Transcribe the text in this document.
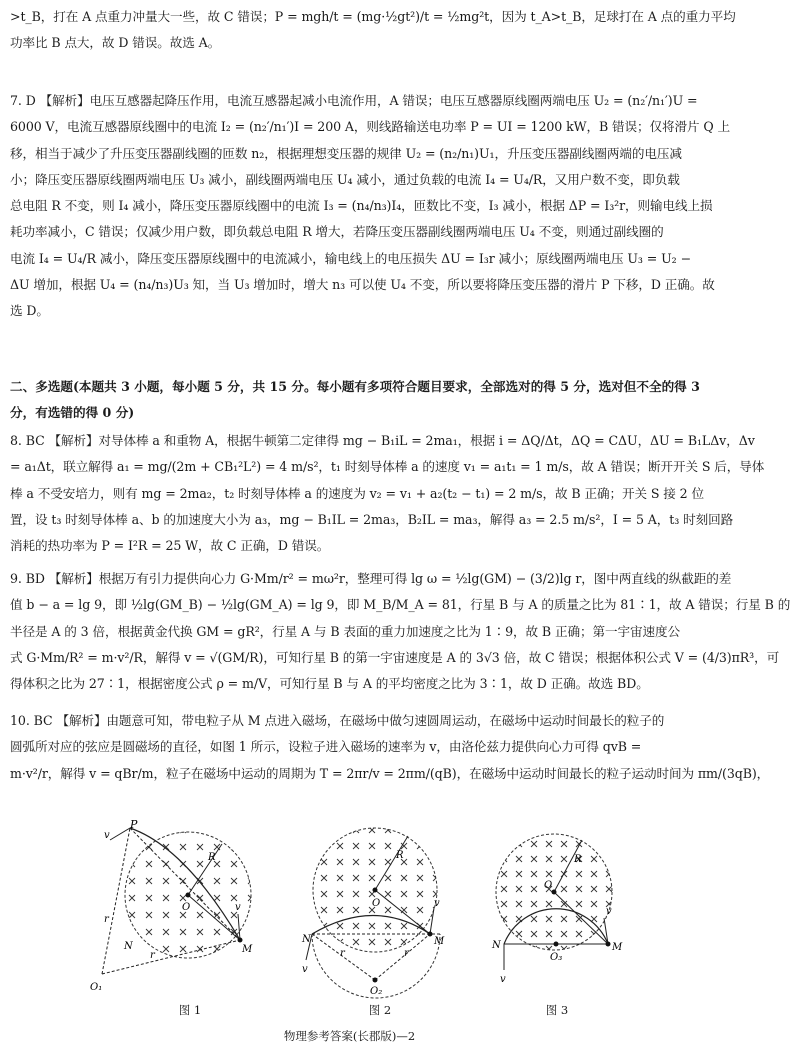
>t_B，打在 A 点重力冲量大一些，故 C 错误；P = mgh/t = (mg·½gt²)/t = ½mg²t，因为 t_A>t_B，足球打在 A 点的重力平均
功率比 B 点大，故 D 错误。故选 A。
7. D 【解析】电压互感器起降压作用，电流互感器起减小电流作用，A 错误；电压互感器原线圈两端电压 U₂ = (n₂′/n₁′)U =
6000 V，电流互感器原线圈中的电流 I₂ = (n₂′/n₁′)I = 200 A，则线路输送电功率 P = UI = 1200 kW，B 错误；仅将滑片 Q 上
移，相当于减少了升压变压器副线圈的匝数 n₂，根据理想变压器的规律 U₂ = (n₂/n₁)U₁，升压变压器副线圈两端的电压减
小；降压变压器原线圈两端电压 U₃ 减小，副线圈两端电压 U₄ 减小，通过负载的电流 I₄ = U₄/R，又用户数不变，即负载
总电阻 R 不变，则 I₄ 减小，降压变压器原线圈中的电流 I₃ = (n₄/n₃)I₄，匝数比不变，I₃ 减小，根据 ΔP = I₃²r，则输电线上损
耗功率减小，C 错误；仅减少用户数，即负载总电阻 R 增大，若降压变压器副线圈两端电压 U₄ 不变，则通过副线圈的
电流 I₄ = U₄/R 减小，降压变压器原线圈中的电流减小，输电线上的电压损失 ΔU = I₃r 减小；原线圈两端电压 U₃ = U₂ −
ΔU 增加，根据 U₄ = (n₄/n₃)U₃ 知，当 U₃ 增加时，增大 n₃ 可以使 U₄ 不变，所以要将降压变压器的滑片 P 下移，D 正确。故
选 D。
二、多选题(本题共 3 小题，每小题 5 分，共 15 分。每小题有多项符合题目要求，全部选对的得 5 分，选对但不全的得 3
分，有选错的得 0 分)
8. BC 【解析】对导体棒 a 和重物 A，根据牛顿第二定律得 mg − B₁iL = 2ma₁，根据 i = ΔQ/Δt，ΔQ = CΔU，ΔU = B₁LΔv，Δv
= a₁Δt，联立解得 a₁ = mg/(2m + CB₁²L²) = 4 m/s²，t₁ 时刻导体棒 a 的速度 v₁ = a₁t₁ = 1 m/s，故 A 错误；断开开关 S 后，导体
棒 a 不受安培力，则有 mg = 2ma₂，t₂ 时刻导体棒 a 的速度为 v₂ = v₁ + a₂(t₂ − t₁) = 2 m/s，故 B 正确；开关 S 接 2 位
置，设 t₃ 时刻导体棒 a、b 的加速度大小为 a₃，mg − B₁IL = 2ma₃，B₂IL = ma₃，解得 a₃ = 2.5 m/s²，I = 5 A，t₃ 时刻回路
消耗的热功率为 P = I²R = 25 W，故 C 正确，D 错误。
9. BD 【解析】根据万有引力提供向心力 G·Mm/r² = mω²r，整理可得 lg ω = ½lg(GM) − (3/2)lg r，图中两直线的纵截距的差
值 b − a = lg 9，即 ½lg(GM_B) − ½lg(GM_A) = lg 9，即 M_B/M_A = 81，行星 B 与 A 的质量之比为 81∶1，故 A 错误；行星 B 的
半径是 A 的 3 倍，根据黄金代换 GM = gR²，行星 A 与 B 表面的重力加速度之比为 1∶9，故 B 正确；第一宇宙速度公
式 G·Mm/R² = m·v²/R，解得 v = √(GM/R)，可知行星 B 的第一宇宙速度是 A 的 3√3 倍，故 C 错误；根据体积公式 V = (4/3)πR³，可
得体积之比为 27∶1，根据密度公式 ρ = m/V，可知行星 B 与 A 的平均密度之比为 3∶1，故 D 正确。故选 BD。
10. BC 【解析】由题意可知，带电粒子从 M 点进入磁场，在磁场中做匀速圆周运动，在磁场中运动时间最长的粒子的
圆弧所对应的弦应是圆磁场的直径，如图 1 所示，设粒子进入磁场的速率为 v，由洛伦兹力提供向心力可得 qvB =
m·v²/r，解得 v = qBr/m，粒子在磁场中运动的周期为 T = 2πr/v = 2πm/(qB)，在磁场中运动时间最长的粒子运动时间为 πm/(3qB)，
P
v
R
O
r
r
N
O₁
M
v
图 1
R
O
N	M
r	r
O₂
v
v
图 2
R
O
N	M
O₃
v
v
图 3
物理参考答案(长郡版)—2
